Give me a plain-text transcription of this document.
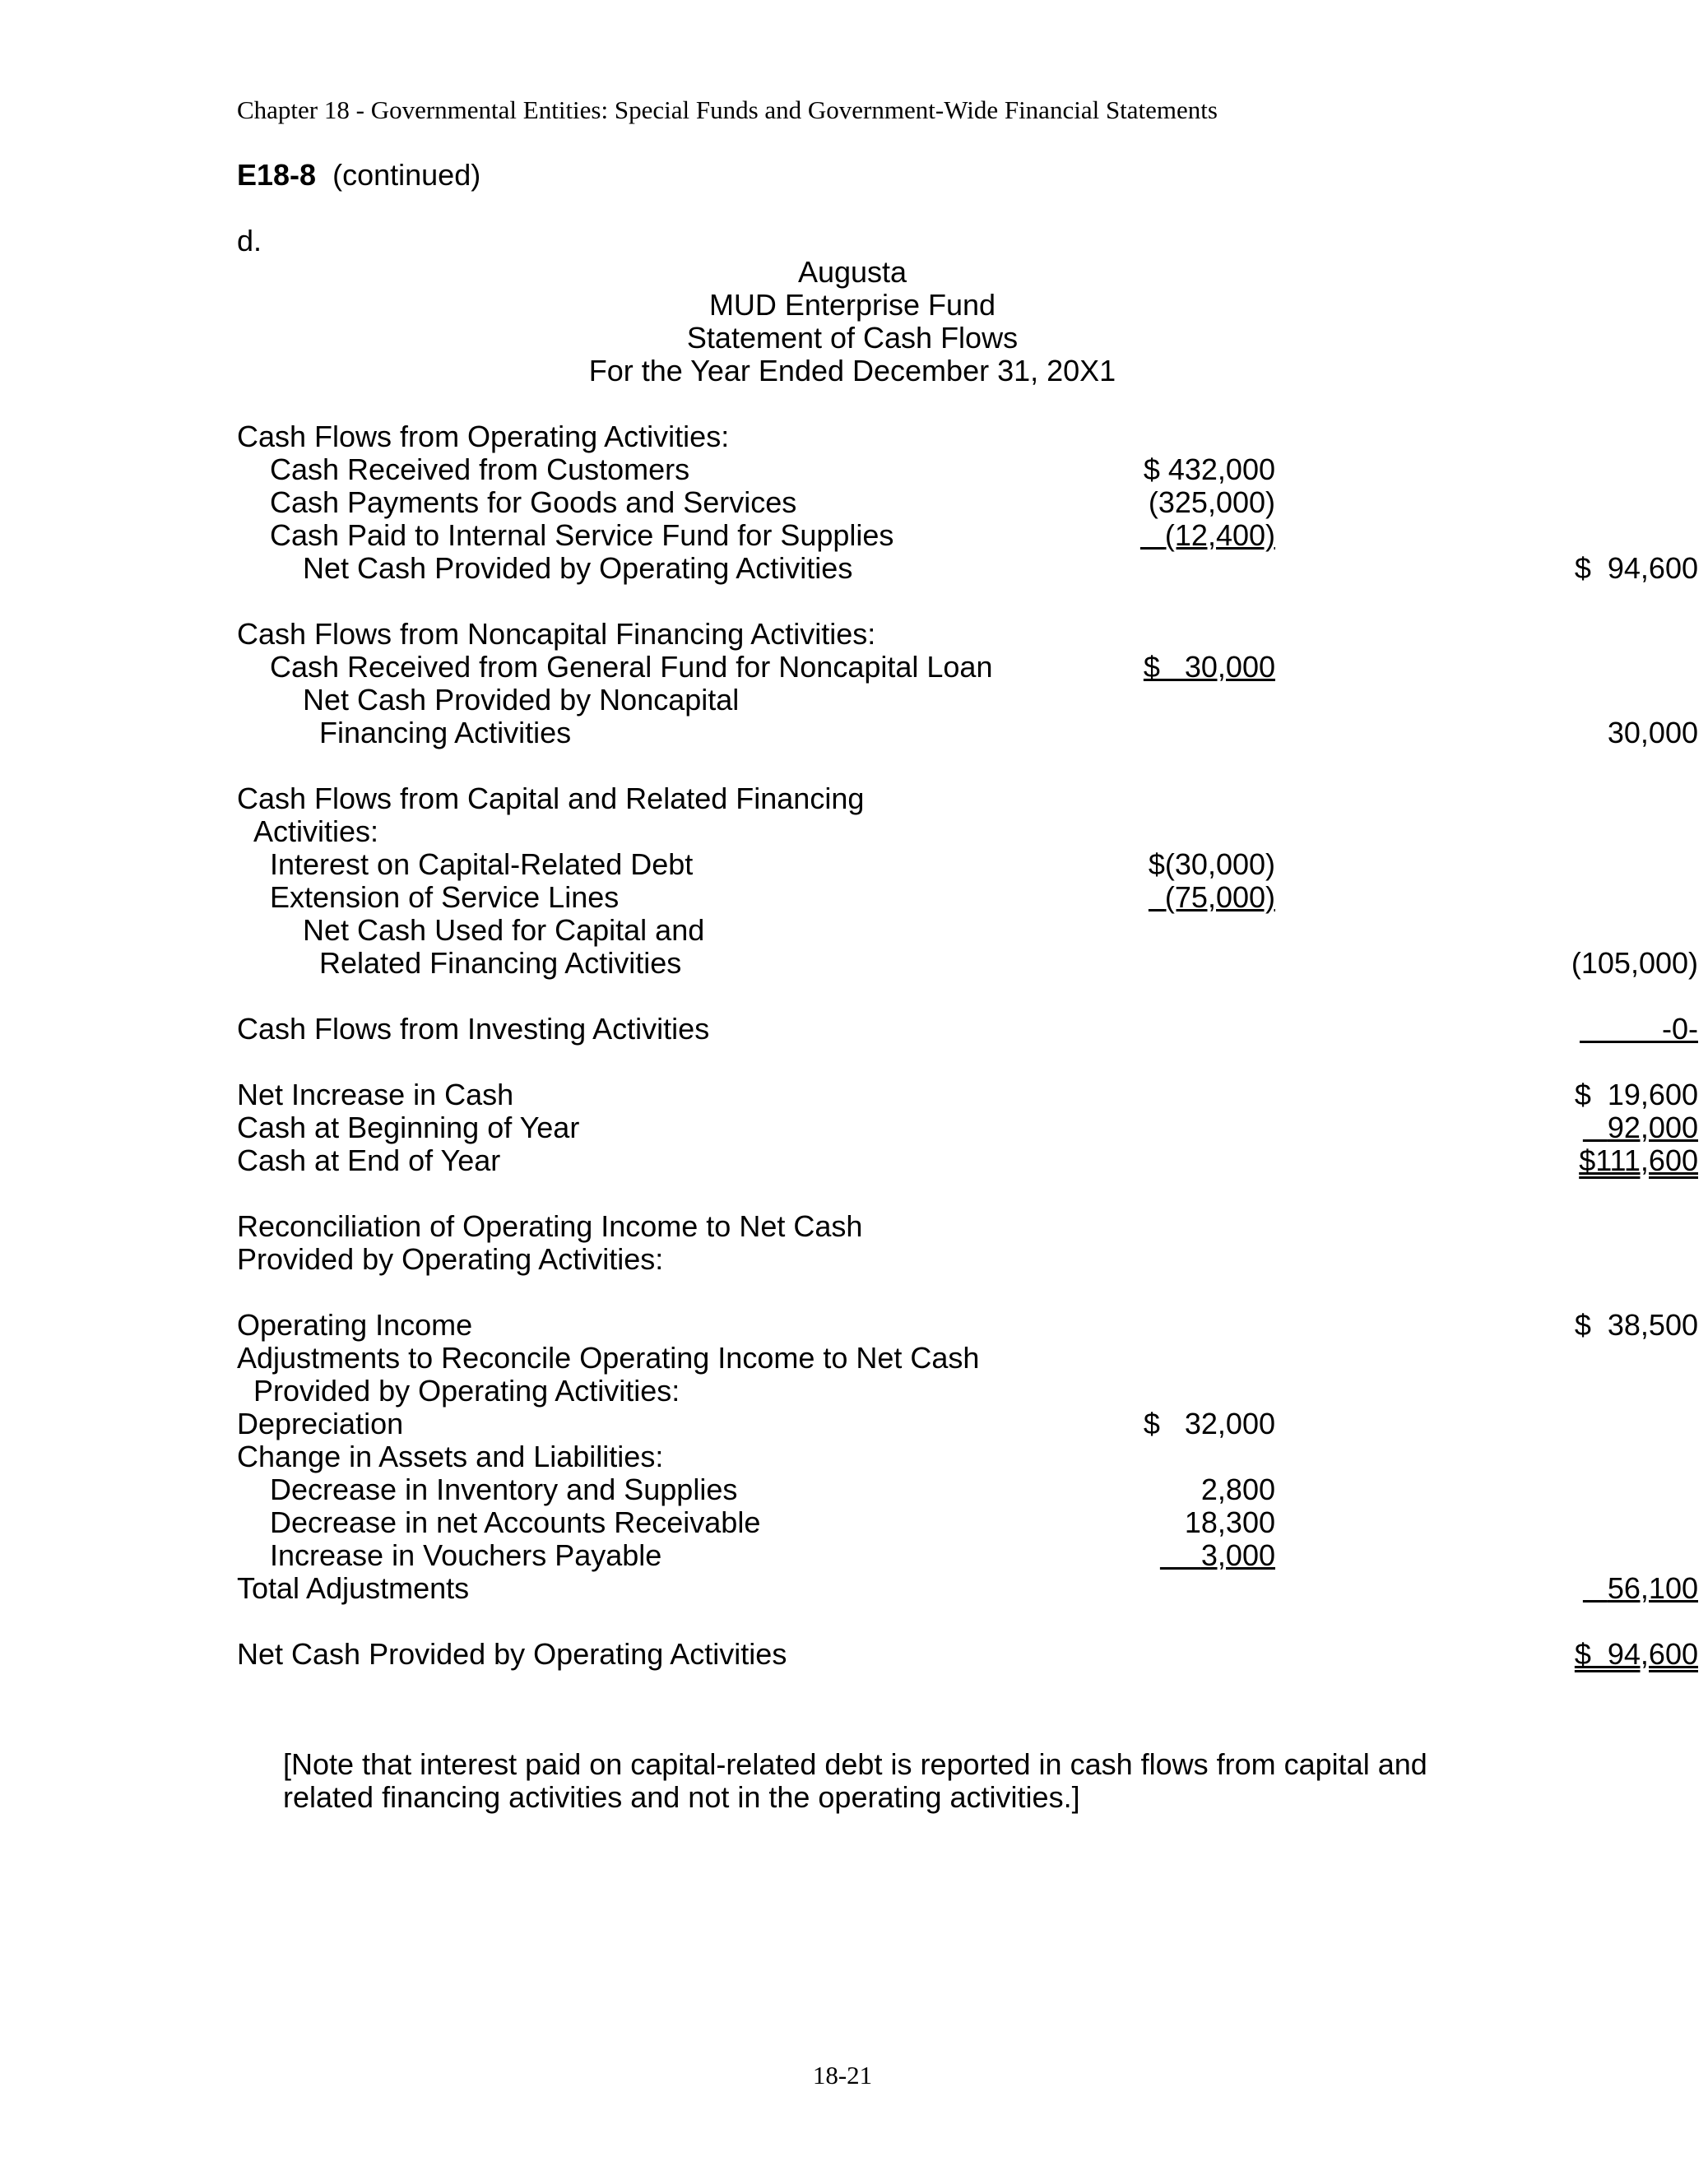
Chapter 18 - Governmental Entities: Special Funds and Government-Wide Financial Statements
E18-8 (continued)
d.
Augusta
MUD Enterprise Fund
Statement of Cash Flows
For the Year Ended December 31, 20X1
Cash Flows from Operating Activities:
Cash Received from Customers	$ 432,000
Cash Payments for Goods and Services	(325,000)
Cash Paid to Internal Service Fund for Supplies	(12,400)
Net Cash Provided by Operating Activities	$  94,600
Cash Flows from Noncapital Financing Activities:
Cash Received from General Fund for Noncapital Loan	$   30,000
Net Cash Provided by Noncapital
Financing Activities	30,000
Cash Flows from Capital and Related Financing
Activities:
Interest on Capital-Related Debt	$(30,000)
Extension of Service Lines	(75,000)
Net Cash Used for Capital and
Related Financing Activities	(105,000)
Cash Flows from Investing Activities	-0-
Net Increase in Cash	$  19,600
Cash at Beginning of Year	92,000
Cash at End of Year	$111,600
Reconciliation of Operating Income to Net Cash
Provided by Operating Activities:
Operating Income	$  38,500
Adjustments to Reconcile Operating Income to Net Cash
Provided by Operating Activities:
Depreciation	$   32,000
Change in Assets and Liabilities:
Decrease in Inventory and Supplies	2,800
Decrease in net Accounts Receivable	18,300
Increase in Vouchers Payable	3,000
Total Adjustments	56,100
Net Cash Provided by Operating Activities	$  94,600
[Note that interest paid on capital-related debt is reported in cash flows from capital and related financing activities and not in the operating activities.]
18-21
